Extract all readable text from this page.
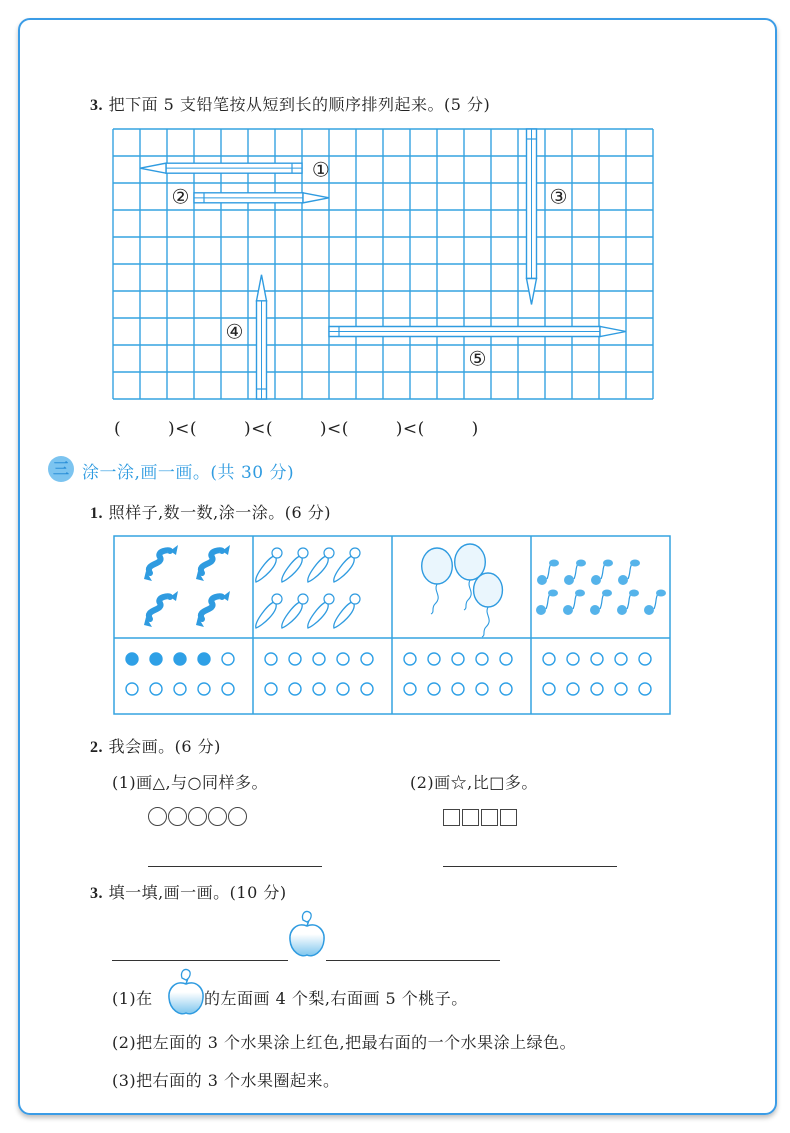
3. 把下面 5 支铅笔按从短到长的顺序排列起来。(5 分)
①
②	③
④
⑤
(　　 )<(　　 )<(　　 )<(　　 )<(　　 )
三 涂一涂,画一画。(共 30 分)
1. 照样子,数一数,涂一涂。(6 分)
2. 我会画。(6 分)
(1)画△,与○同样多。	(2)画☆,比□多。
3. 填一填,画一画。(10 分)
(1)在	的左面画 4 个梨,右面画 5 个桃子。
(2)把左面的 3 个水果涂上红色,把最右面的一个水果涂上绿色。
(3)把右面的 3 个水果圈起来。
